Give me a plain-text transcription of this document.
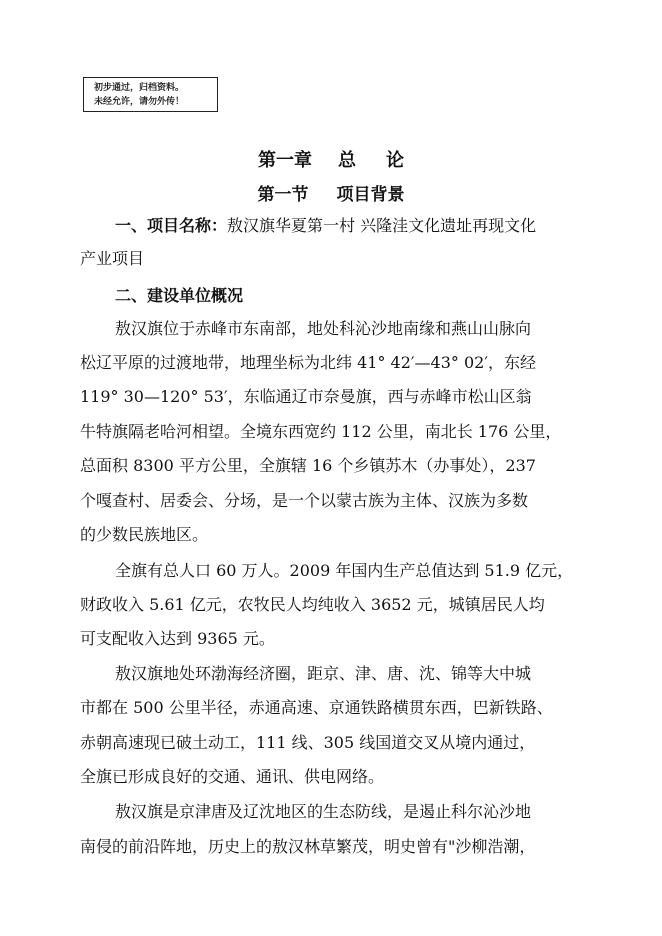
初步通过，归档资料。
未经允许，请勿外传！
第一章 总 论
第一节 项目背景
一、项目名称：敖汉旗华夏第一村 兴隆洼文化遗址再现文化
产业项目
二、建设单位概况
敖汉旗位于赤峰市东南部，地处科沁沙地南缘和燕山山脉向
松辽平原的过渡地带，地理坐标为北纬 41° 42′—43° 02′，东经
119° 30—120° 53′，东临通辽市奈曼旗，西与赤峰市松山区翁
牛特旗隔老哈河相望。全境东西宽约 112 公里，南北长 176 公里，
总面积 8300 平方公里，全旗辖 16 个乡镇苏木（办事处），237
个嘎查村、居委会、分场，是一个以蒙古族为主体、汉族为多数
的少数民族地区。
全旗有总人口 60 万人。2009 年国内生产总值达到 51.9 亿元，
财政收入 5.61 亿元，农牧民人均纯收入 3652 元，城镇居民人均
可支配收入达到 9365 元。
敖汉旗地处环渤海经济圈，距京、津、唐、沈、锦等大中城
市都在 500 公里半径，赤通高速、京通铁路横贯东西，巴新铁路、
赤朝高速现已破土动工，111 线、305 线国道交叉从境内通过，
全旗已形成良好的交通、通讯、供电网络。
敖汉旗是京津唐及辽沈地区的生态防线，是遏止科尔沁沙地
南侵的前沿阵地，历史上的敖汉林草繁茂，明史曾有"沙柳浩潮，
